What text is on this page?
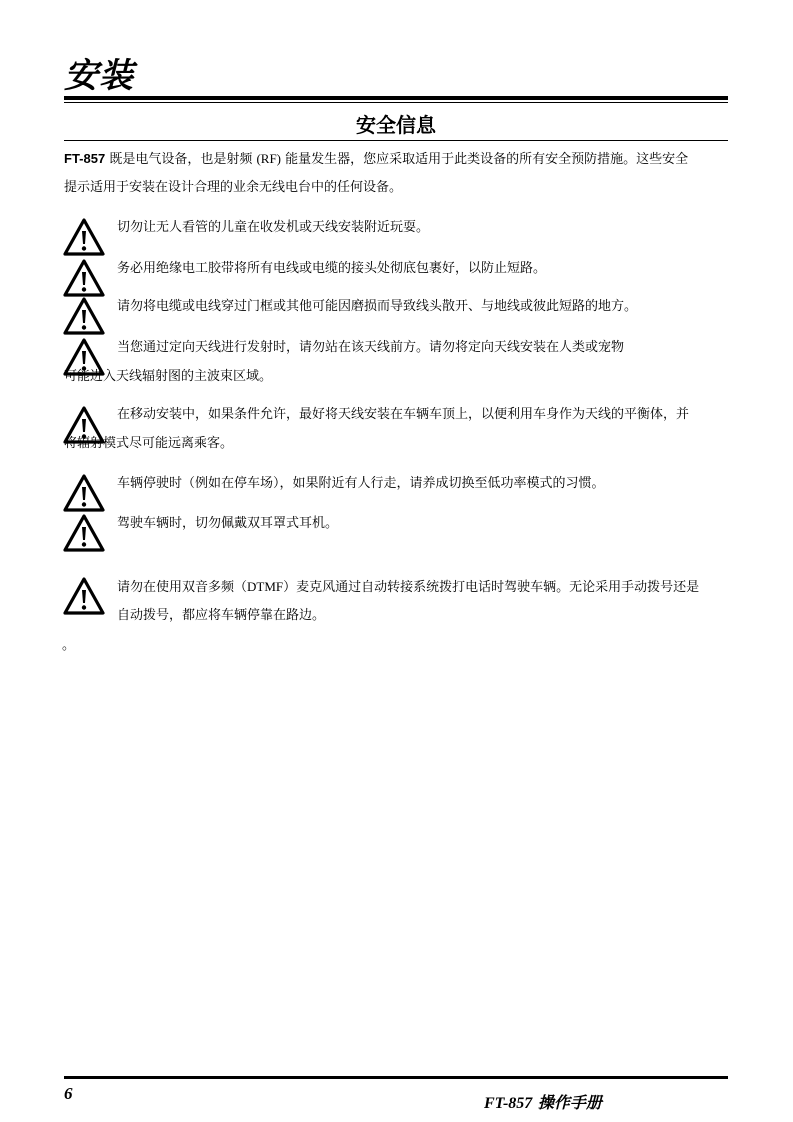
安装
安全信息
FT-857 既是电气设备，也是射频 (RF) 能量发生器，您应采取适用于此类设备的所有安全预防措施。这些安全
提示适用于安装在设计合理的业余无线电台中的任何设备。
切勿让无人看管的儿童在收发机或天线安装附近玩耍。
务必用绝缘电工胶带将所有电线或电缆的接头处彻底包裹好，以防止短路。
请勿将电缆或电线穿过门框或其他可能因磨损而导致线头散开、与地线或彼此短路的地方。
当您通过定向天线进行发射时，请勿站在该天线前方。请勿将定向天线安装在人类或宠物
可能进入天线辐射图的主波束区域。
在移动安装中，如果条件允许，最好将天线安装在车辆车顶上，以便利用车身作为天线的平衡体，并
将辐射模式尽可能远离乘客。
车辆停驶时（例如在停车场），如果附近有人行走，请养成切换至低功率模式的习惯。
驾驶车辆时，切勿佩戴双耳罩式耳机。
请勿在使用双音多频（DTMF）麦克风通过自动转接系统拨打电话时驾驶车辆。无论采用手动拨号还是
自动拨号，都应将车辆停靠在路边。
。
6
FT-857 操作手册
